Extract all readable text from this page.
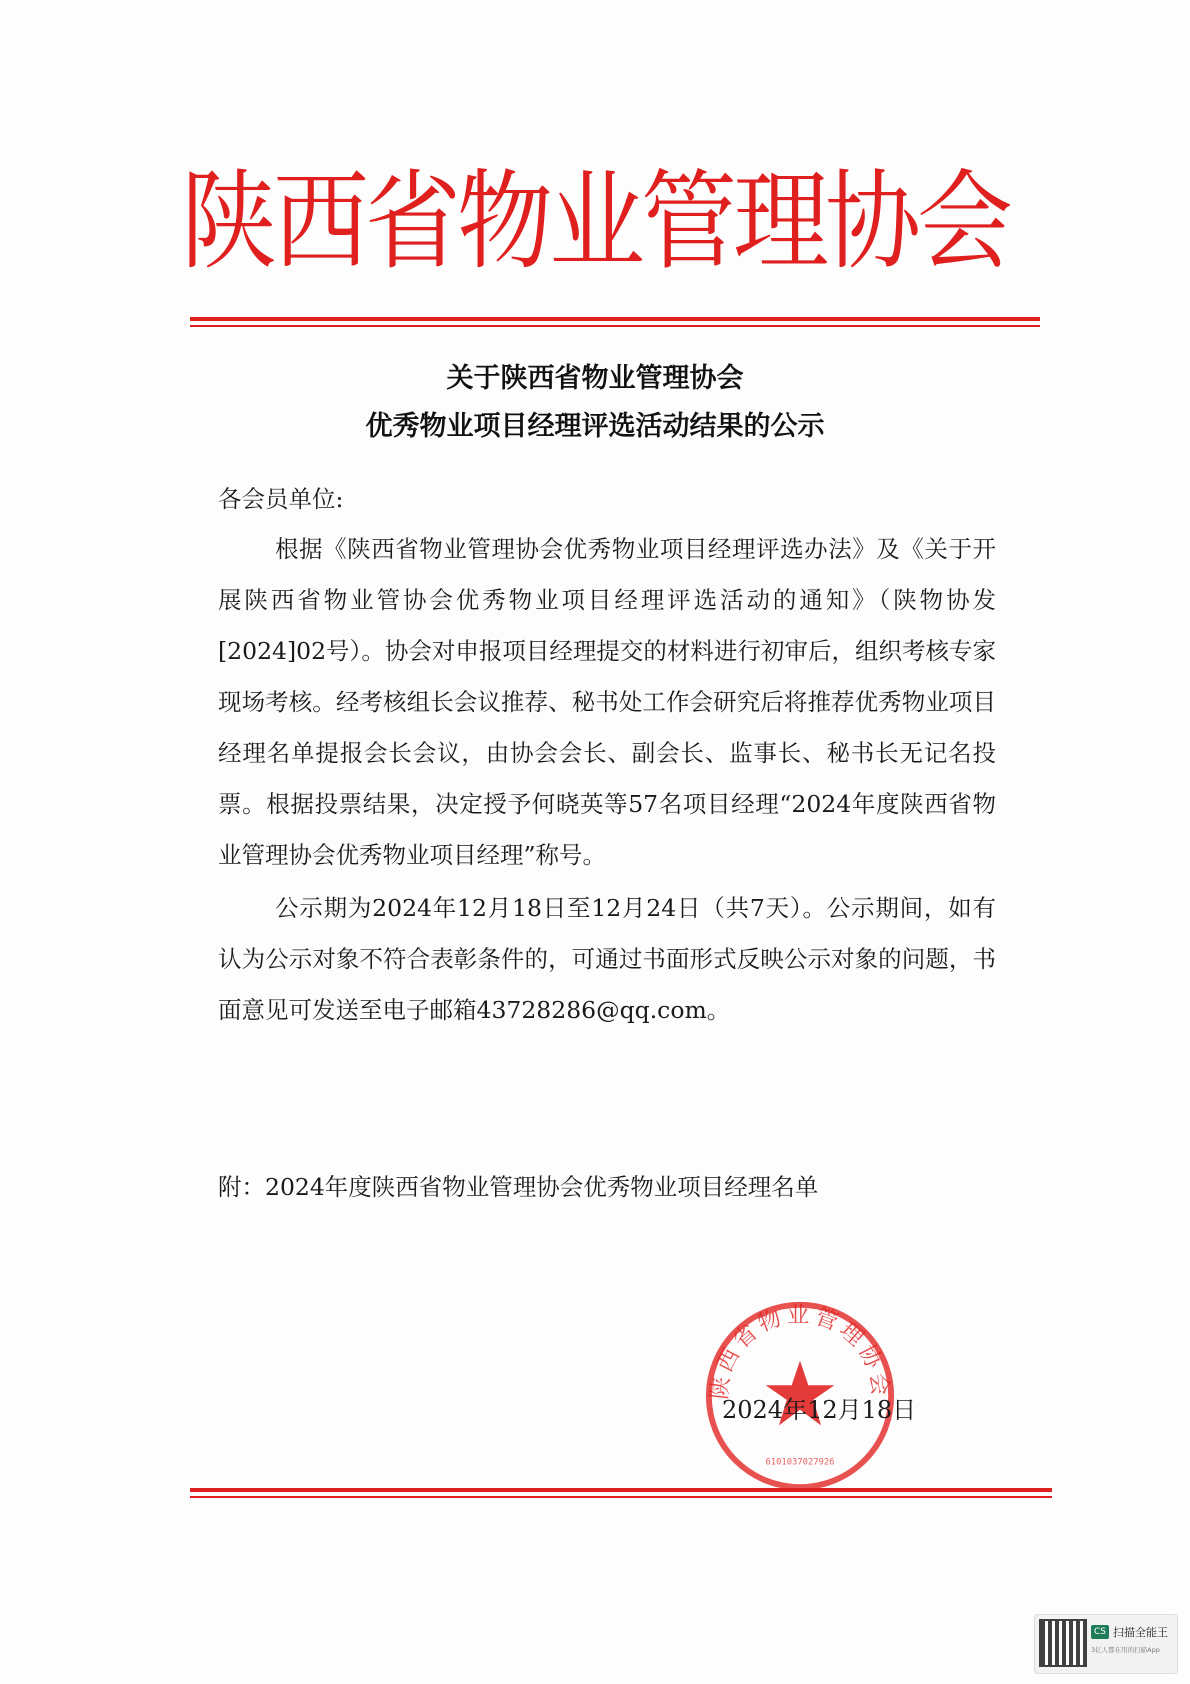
陕西省物业管理协会
关于陕西省物业管理协会
优秀物业项目经理评选活动结果的公示
各会员单位:
根据《陕西省物业管理协会优秀物业项目经理评选办法》及《关于开展陕西省物业管协会优秀物业项目经理评选活动的通知》（陕物协发[2024]02号）。协会对申报项目经理提交的材料进行初审后，组织考核专家现场考核。经考核组长会议推荐、秘书处工作会研究后将推荐优秀物业项目经理名单提报会长会议，由协会会长、副会长、监事长、秘书长无记名投票。根据投票结果，决定授予何晓英等57名项目经理“2024年度陕西省物业管理协会优秀物业项目经理”称号。
公示期为2024年12月18日至12月24日（共7天）。公示期间，如有认为公示对象不符合表彰条件的，可通过书面形式反映公示对象的问题，书面意见可发送至电子邮箱43728286@qq.com。
附：2024年度陕西省物业管理协会优秀物业项目经理名单
陕西省物业管理协会
6101037027926
2024年12月18日
CS 扫描全能王
3亿人都在用的扫描App
